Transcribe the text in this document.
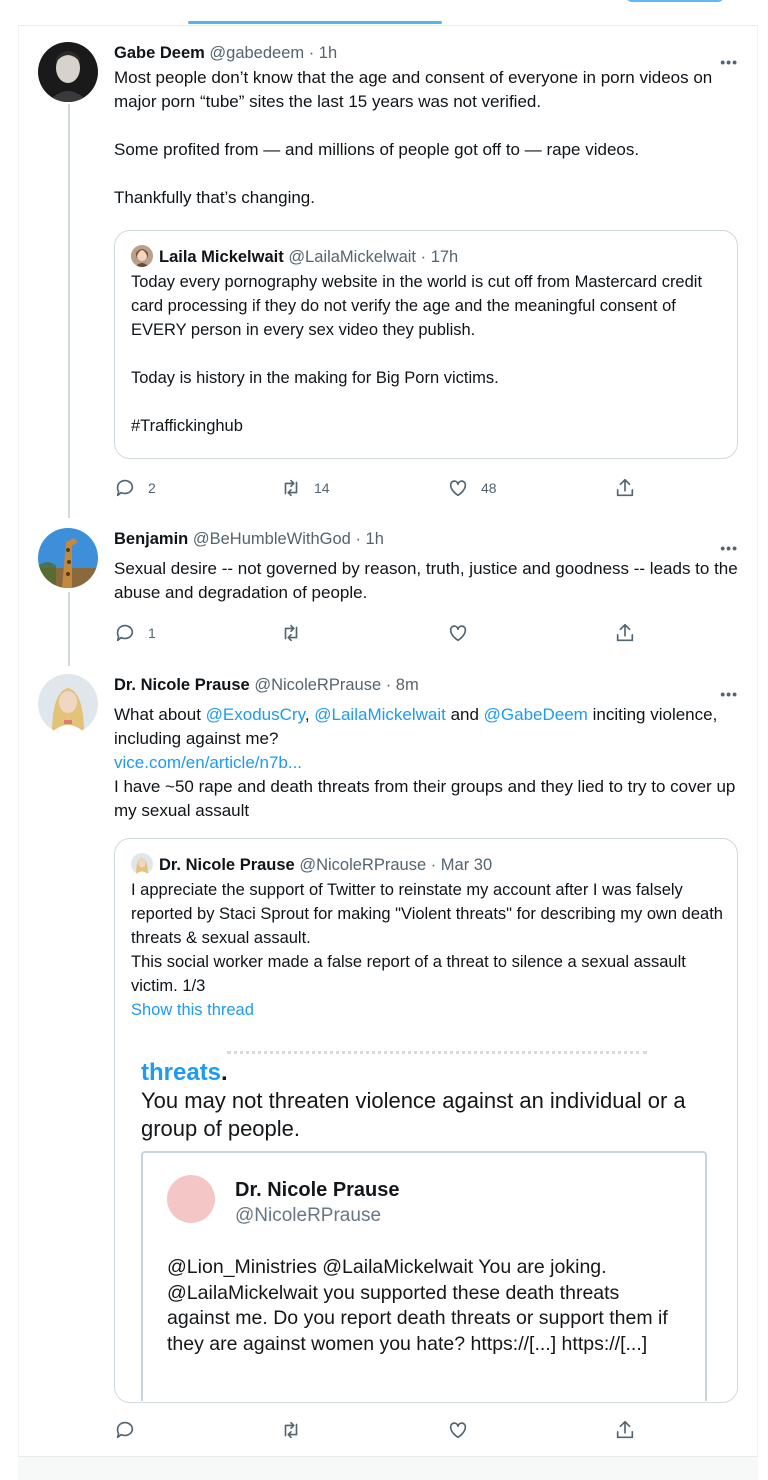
Gabe Deem @gabedeem · 1h	•••

Most people don’t know that the age and consent of everyone in porn videos on major porn “tube” sites the last 15 years was not verified.

Some profited from — and millions of people got off to — rape videos.

Thankfully that’s changing.

Laila Mickelwait @LailaMickelwait · 17h

Today every pornography website in the world is cut off from Mastercard credit card processing if they do not verify the age and the meaningful consent of EVERY person in every sex video they publish.

Today is history in the making for Big Porn victims.

#Traffickinghub

2	14	48
Benjamin @BeHumbleWithGod · 1h	•••
Sexual desire -- not governed by reason, truth, justice and goodness -- leads to the abuse and degradation of people.
1
Dr. Nicole Prause @NicoleRPrause · 8m	•••

What about @ExodusCry, @LailaMickelwait and @GabeDeem inciting violence, including against me?

vice.com/en/article/n7b...

I have ~50 rape and death threats from their groups and they lied to try to cover up my sexual assault

Dr. Nicole Prause @NicoleRPrause · Mar 30

I appreciate the support of Twitter to reinstate my account after I was falsely reported by Staci Sprout for making "Violent threats" for describing my own death threats & sexual assault.

This social worker made a false report of a threat to silence a sexual assault victim. 1/3

Show this thread

threats.
You may not threaten violence against an individual or a group of people.
Dr. Nicole Prause
@NicoleRPrause
@Lion_Ministries @LailaMickelwait You are joking. @LailaMickelwait you supported these death threats against me. Do you report death threats or support them if they are against women you hate? https://[...] https://[...]
